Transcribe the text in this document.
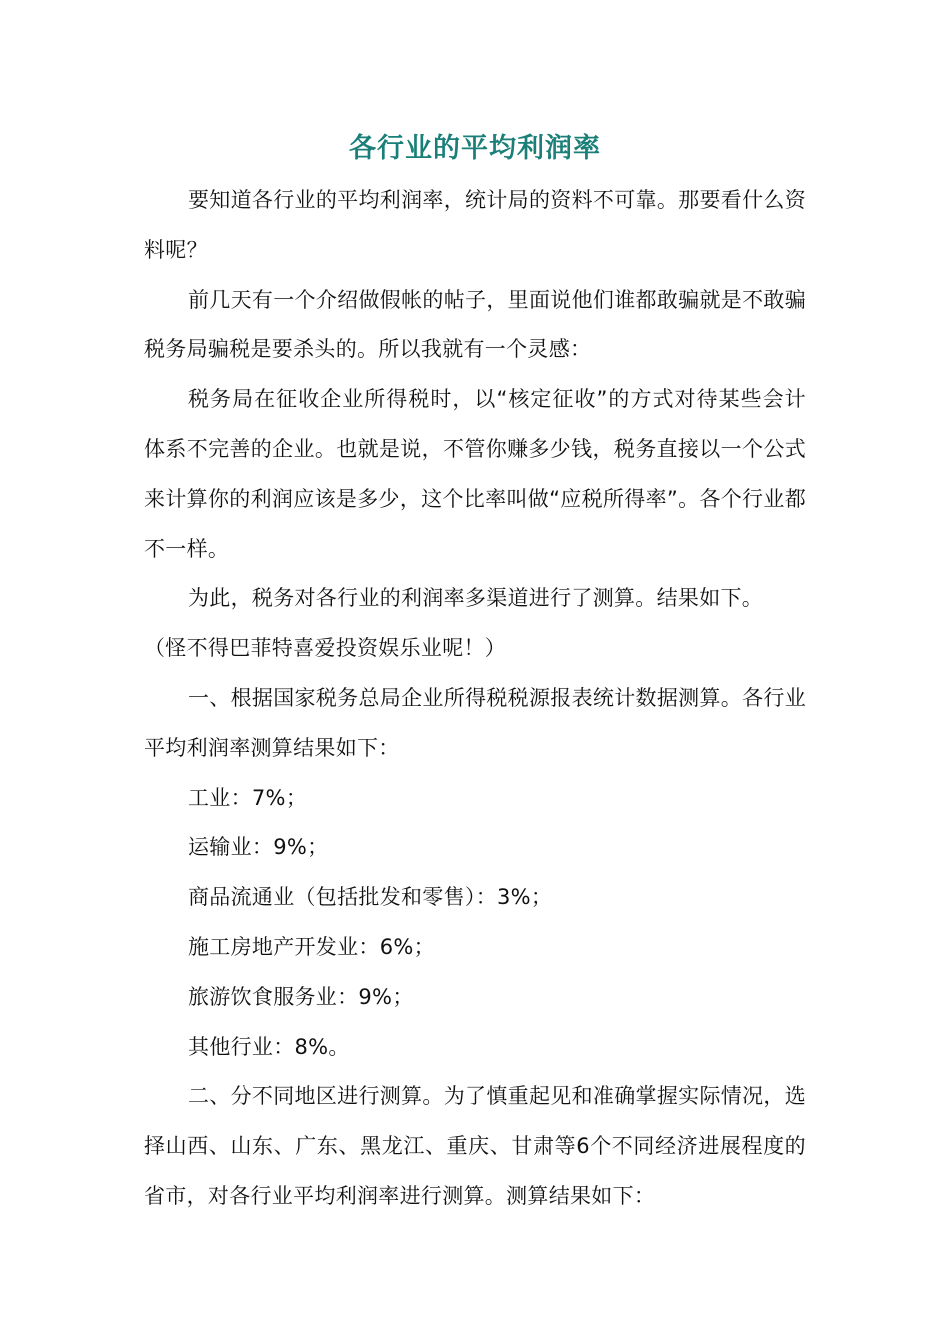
各行业的平均利润率

要知道各行业的平均利润率，统计局的资料不可靠。那要看什么资料呢？

前几天有一个介绍做假帐的帖子，里面说他们谁都敢骗就是不敢骗税务局骗税是要杀头的。所以我就有一个灵感：

税务局在征收企业所得税时，以“核定征收”的方式对待某些会计体系不完善的企业。也就是说，不管你赚多少钱，税务直接以一个公式来计算你的利润应该是多少，这个比率叫做“应税所得率”。各个行业都不一样。

为此，税务对各行业的利润率多渠道进行了测算。结果如下。

（怪不得巴菲特喜爱投资娱乐业呢！）

一、根据国家税务总局企业所得税税源报表统计数据测算。各行业平均利润率测算结果如下：

工业：7%；

运输业：9%；

商品流通业（包括批发和零售）：3%；

施工房地产开发业：6%；

旅游饮食服务业：9%；

其他行业：8%。

二、分不同地区进行测算。为了慎重起见和准确掌握实际情况，选择山西、山东、广东、黑龙江、重庆、甘肃等6个不同经济进展程度的省市，对各行业平均利润率进行测算。测算结果如下：
